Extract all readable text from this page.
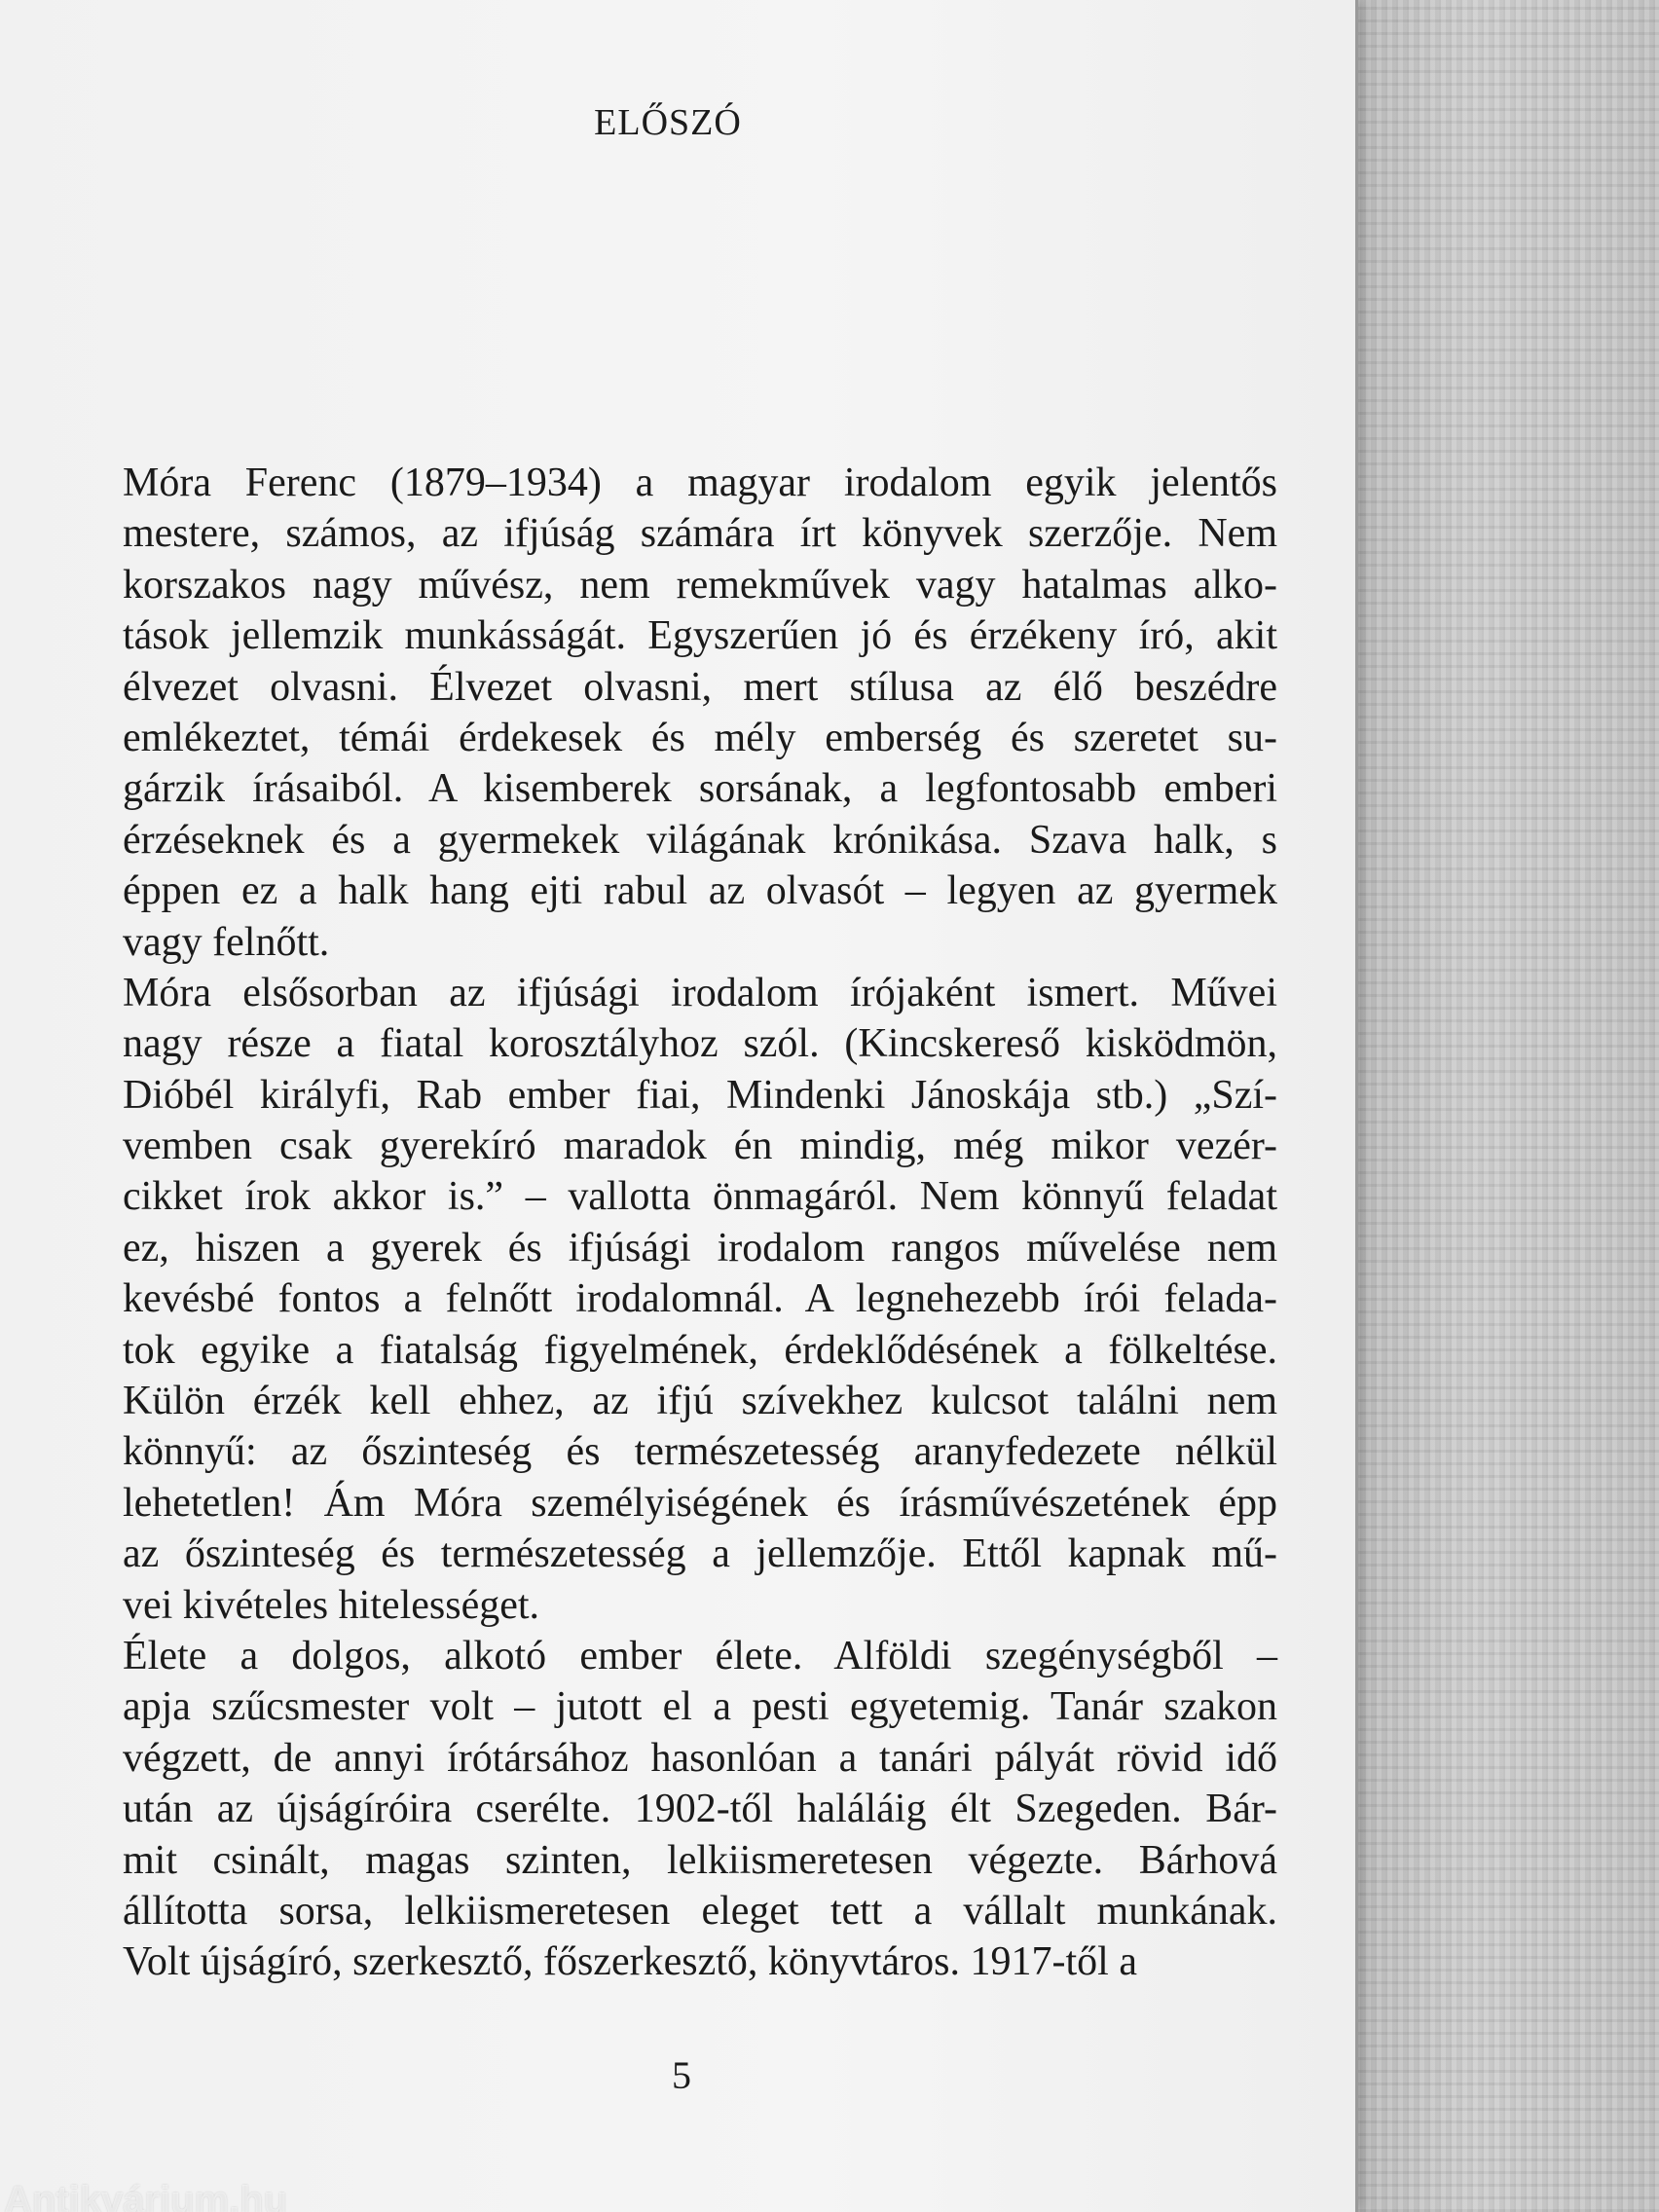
ELŐSZÓ
Móra Ferenc (1879–1934) a magyar irodalom egyik jelentős
mestere, számos, az ifjúság számára írt könyvek szerzője. Nem
korszakos nagy művész, nem remekművek vagy hatalmas alko-
tások jellemzik munkásságát. Egyszerűen jó és érzékeny író, akit
élvezet olvasni. Élvezet olvasni, mert stílusa az élő beszédre
emlékeztet, témái érdekesek és mély emberség és szeretet su-
gárzik írásaiból. A kisemberek sorsának, a legfontosabb emberi
érzéseknek és a gyermekek világának krónikása. Szava halk, s
éppen ez a halk hang ejti rabul az olvasót – legyen az gyermek
vagy felnőtt.
Móra elsősorban az ifjúsági irodalom írójaként ismert. Művei
nagy része a fiatal korosztályhoz szól. (Kincskereső kisködmön,
Dióbél királyfi, Rab ember fiai, Mindenki Jánoskája stb.) „Szí-
vemben csak gyerekíró maradok én mindig, még mikor vezér-
cikket írok akkor is.” – vallotta önmagáról. Nem könnyű feladat
ez, hiszen a gyerek és ifjúsági irodalom rangos művelése nem
kevésbé fontos a felnőtt irodalomnál. A legnehezebb írói felada-
tok egyike a fiatalság figyelmének, érdeklődésének a fölkeltése.
Külön érzék kell ehhez, az ifjú szívekhez kulcsot találni nem
könnyű: az őszinteség és természetesség aranyfedezete nélkül
lehetetlen! Ám Móra személyiségének és írásművészetének épp
az őszinteség és természetesség a jellemzője. Ettől kapnak mű-
vei kivételes hitelességet.
Élete a dolgos, alkotó ember élete. Alföldi szegénységből –
apja szűcsmester volt – jutott el a pesti egyetemig. Tanár szakon
végzett, de annyi írótársához hasonlóan a tanári pályát rövid idő
után az újságíróira cserélte. 1902-től haláláig élt Szegeden. Bár-
mit csinált, magas szinten, lelkiismeretesen végezte. Bárhová
állította sorsa, lelkiismeretesen eleget tett a vállalt munkának.
Volt újságíró, szerkesztő, főszerkesztő, könyvtáros. 1917-től a
5
Antikvárium.hu
